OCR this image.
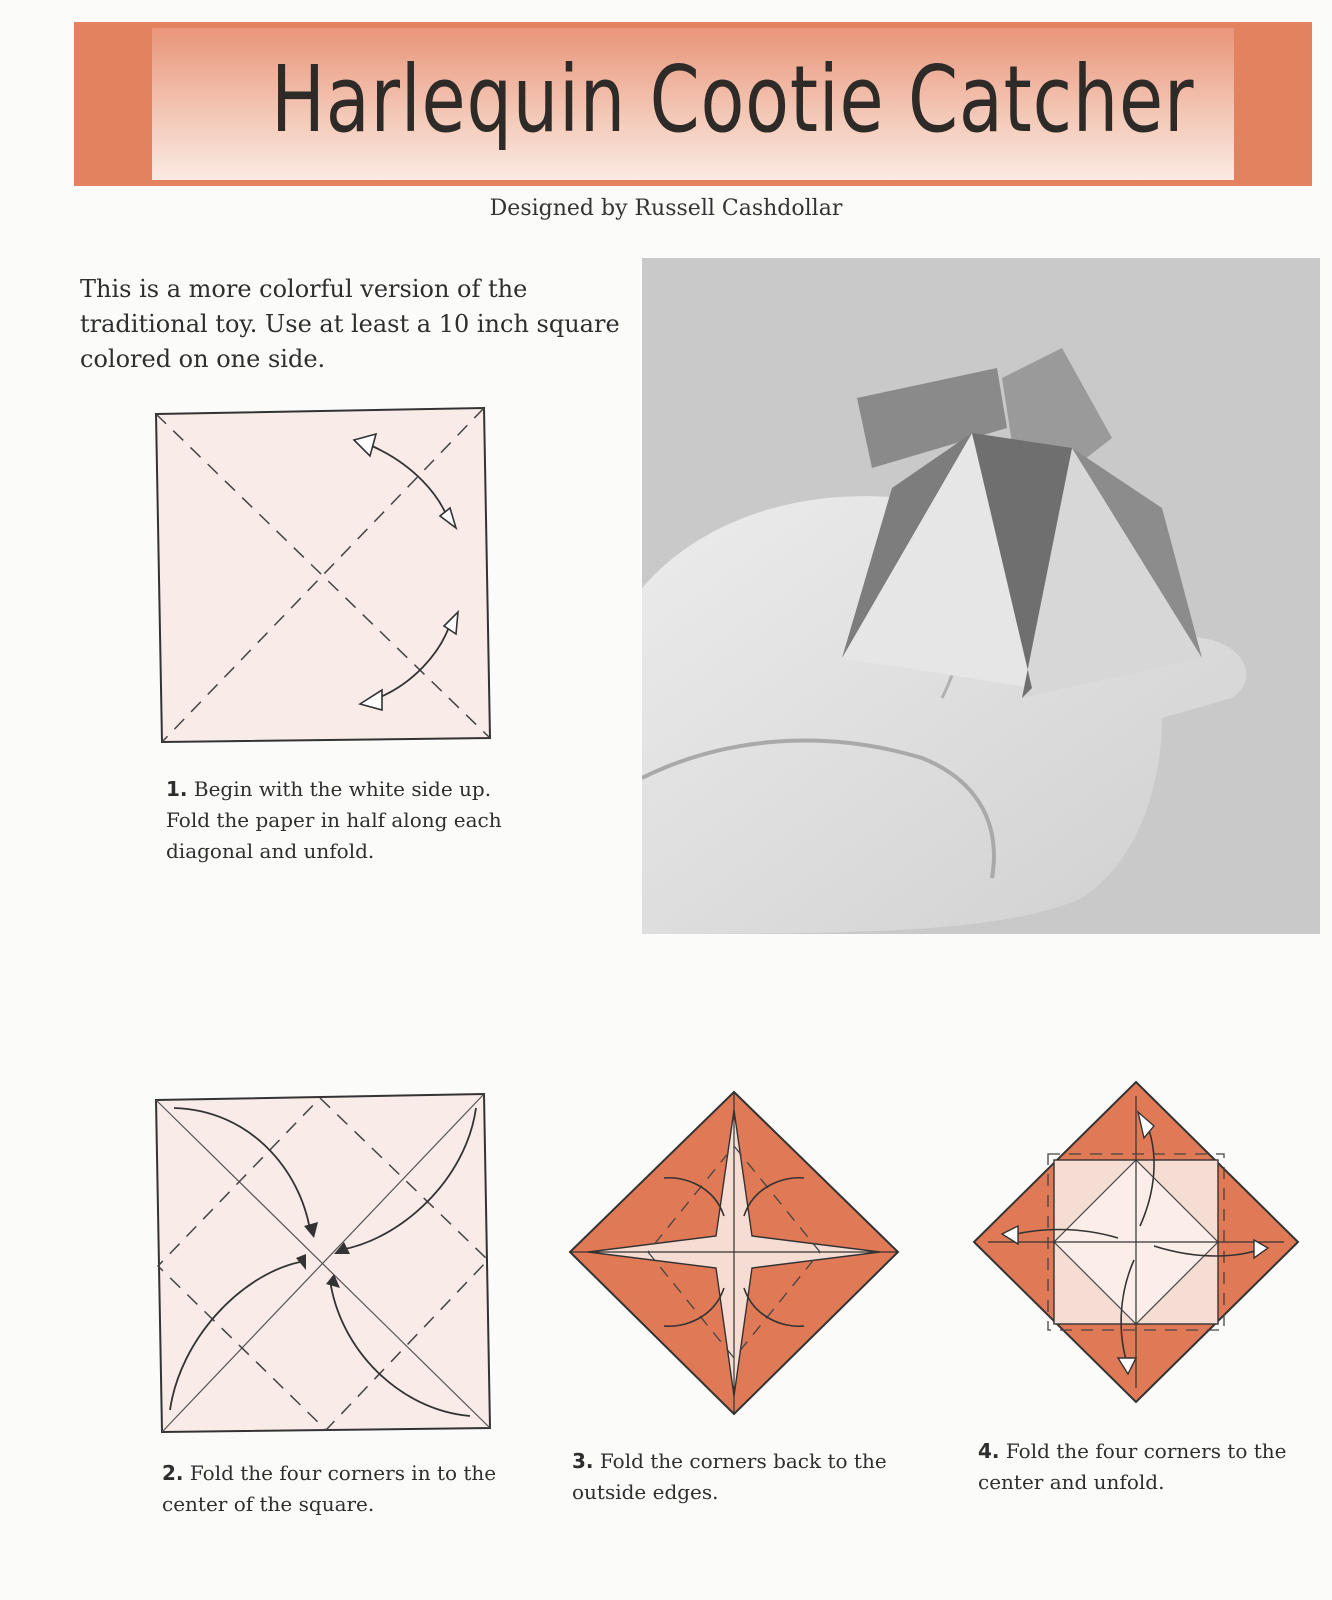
Harlequin Cootie Catcher
Designed by Russell Cashdollar
This is a more colorful version of the traditional toy. Use at least a 10 inch square colored on one side.
1. Begin with the white side up. Fold the paper in half along each diagonal and unfold.
2. Fold the four corners in to the center of the square.
3. Fold the corners back to the outside edges.
4. Fold the four corners to the center and unfold.
